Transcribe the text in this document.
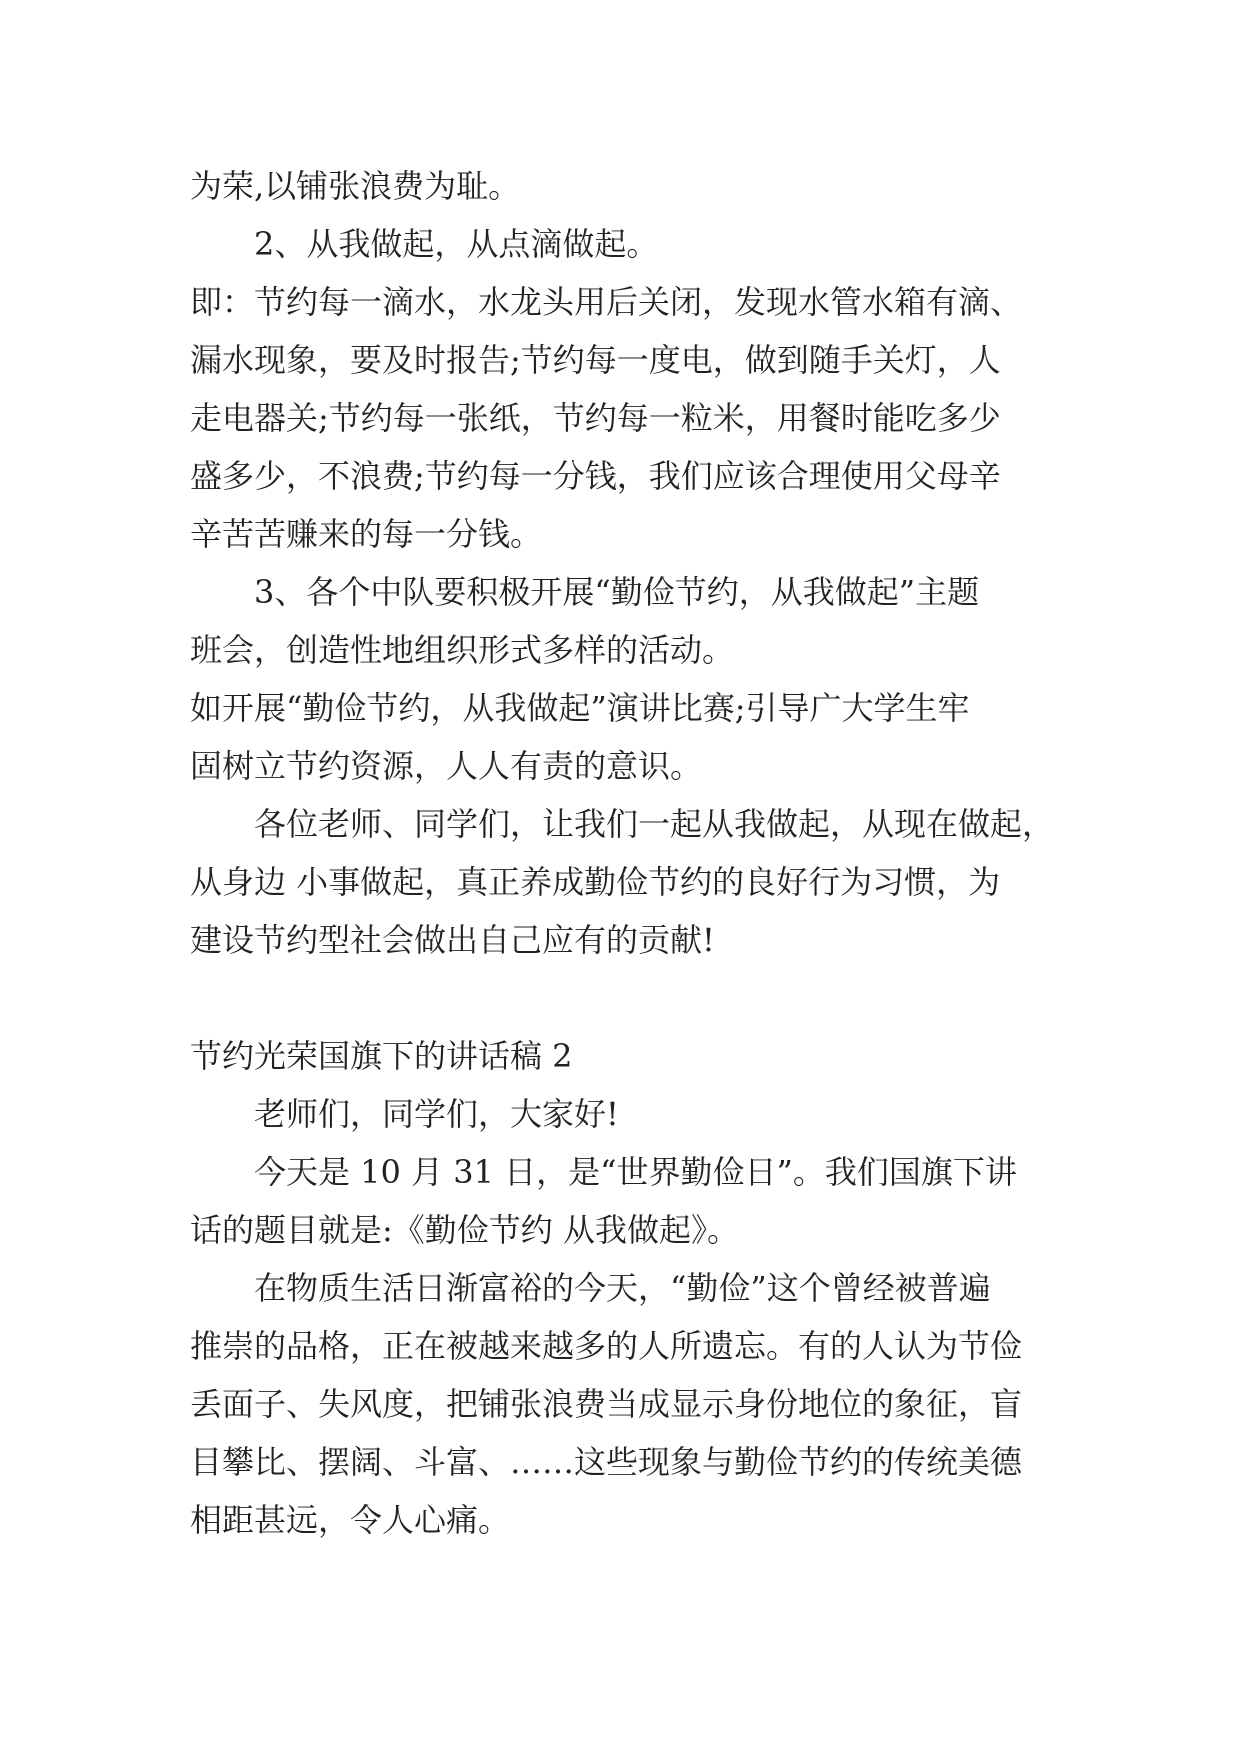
为荣,以铺张浪费为耻。
2、从我做起，从点滴做起。
即：节约每一滴水，水龙头用后关闭，发现水管水箱有滴、
漏水现象，要及时报告;节约每一度电，做到随手关灯，人
走电器关;节约每一张纸，节约每一粒米，用餐时能吃多少
盛多少，不浪费;节约每一分钱，我们应该合理使用父母辛
辛苦苦赚来的每一分钱。
3、各个中队要积极开展“勤俭节约，从我做起”主题
班会，创造性地组织形式多样的活动。
如开展“勤俭节约，从我做起”演讲比赛;引导广大学生牢
固树立节约资源，人人有责的意识。
各位老师、同学们，让我们一起从我做起，从现在做起，
从身边 小事做起，真正养成勤俭节约的良好行为习惯，为
建设节约型社会做出自己应有的贡献!
节约光荣国旗下的讲话稿 2
老师们，同学们，大家好!
今天是 10 月 31 日，是“世界勤俭日”。我们国旗下讲
话的题目就是:《勤俭节约 从我做起》。
在物质生活日渐富裕的今天，“勤俭”这个曾经被普遍
推崇的品格，正在被越来越多的人所遗忘。有的人认为节俭
丢面子、失风度，把铺张浪费当成显示身份地位的象征，盲
目攀比、摆阔、斗富、……这些现象与勤俭节约的传统美德
相距甚远，令人心痛。
